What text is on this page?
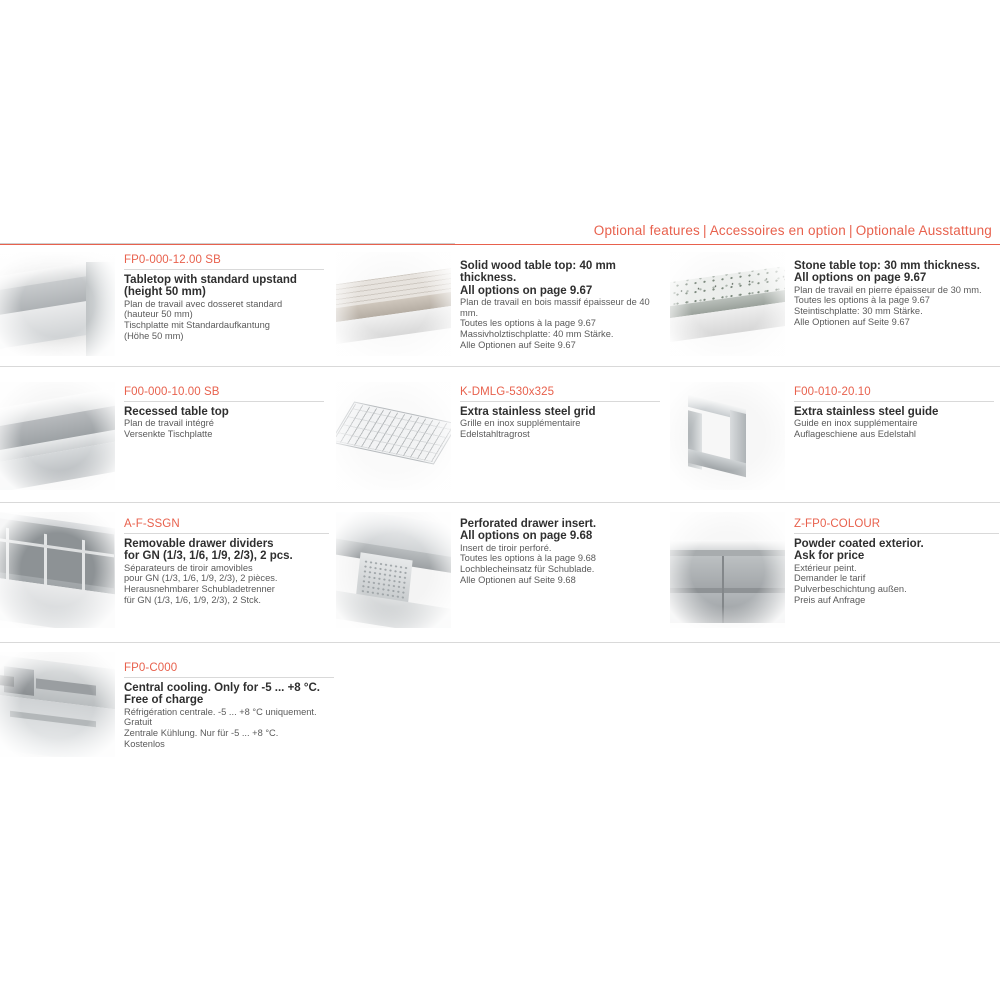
Optional features | Accessoires en option | Optionale Ausstattung
FP0-000-12.00 SB
Tabletop with standard upstand
(height 50 mm)
Plan de travail avec dosseret standard
(hauteur 50 mm)
Tischplatte mit Standardaufkantung
(Höhe 50 mm)
Solid wood table top: 40 mm thickness.
All options on page 9.67
Plan de travail en bois massif épaisseur de 40 mm.
Toutes les options à la page 9.67
Massivholztischplatte: 40 mm Stärke.
Alle Optionen auf Seite 9.67
Stone table top: 30 mm thickness.
All options on page 9.67
Plan de travail en pierre épaisseur de 30 mm.
Toutes les options à la page 9.67
Steintischplatte: 30 mm Stärke.
Alle Optionen auf Seite 9.67
F00-000-10.00 SB
Recessed table top
Plan de travail intégré
Versenkte Tischplatte
K-DMLG-530x325
Extra stainless steel grid
Grille en inox supplémentaire
Edelstahltragrost
F00-010-20.10
Extra stainless steel guide
Guide en inox supplémentaire
Auflageschiene aus Edelstahl
A-F-SSGN
Removable drawer dividers
for GN (1/3, 1/6, 1/9, 2/3), 2 pcs.
Séparateurs de tiroir amovibles
pour GN (1/3, 1/6, 1/9, 2/3), 2 pièces.
Herausnehmbarer Schubladetrenner
für GN (1/3, 1/6, 1/9, 2/3), 2 Stck.
Perforated drawer insert.
All options on page 9.68
Insert de tiroir perforé.
Toutes les options à la page 9.68
Lochblecheinsatz für Schublade.
Alle Optionen auf Seite 9.68
Z-FP0-COLOUR
Powder coated exterior.
Ask for price
Extérieur peint.
Demander le tarif
Pulverbeschichtung außen.
Preis auf Anfrage
FP0-C000
Central cooling. Only for -5 ... +8 °C.
Free of charge
Réfrigération centrale. -5 ... +8 °C uniquement.
Gratuit
Zentrale Kühlung. Nur für -5 ... +8 °C.
Kostenlos
